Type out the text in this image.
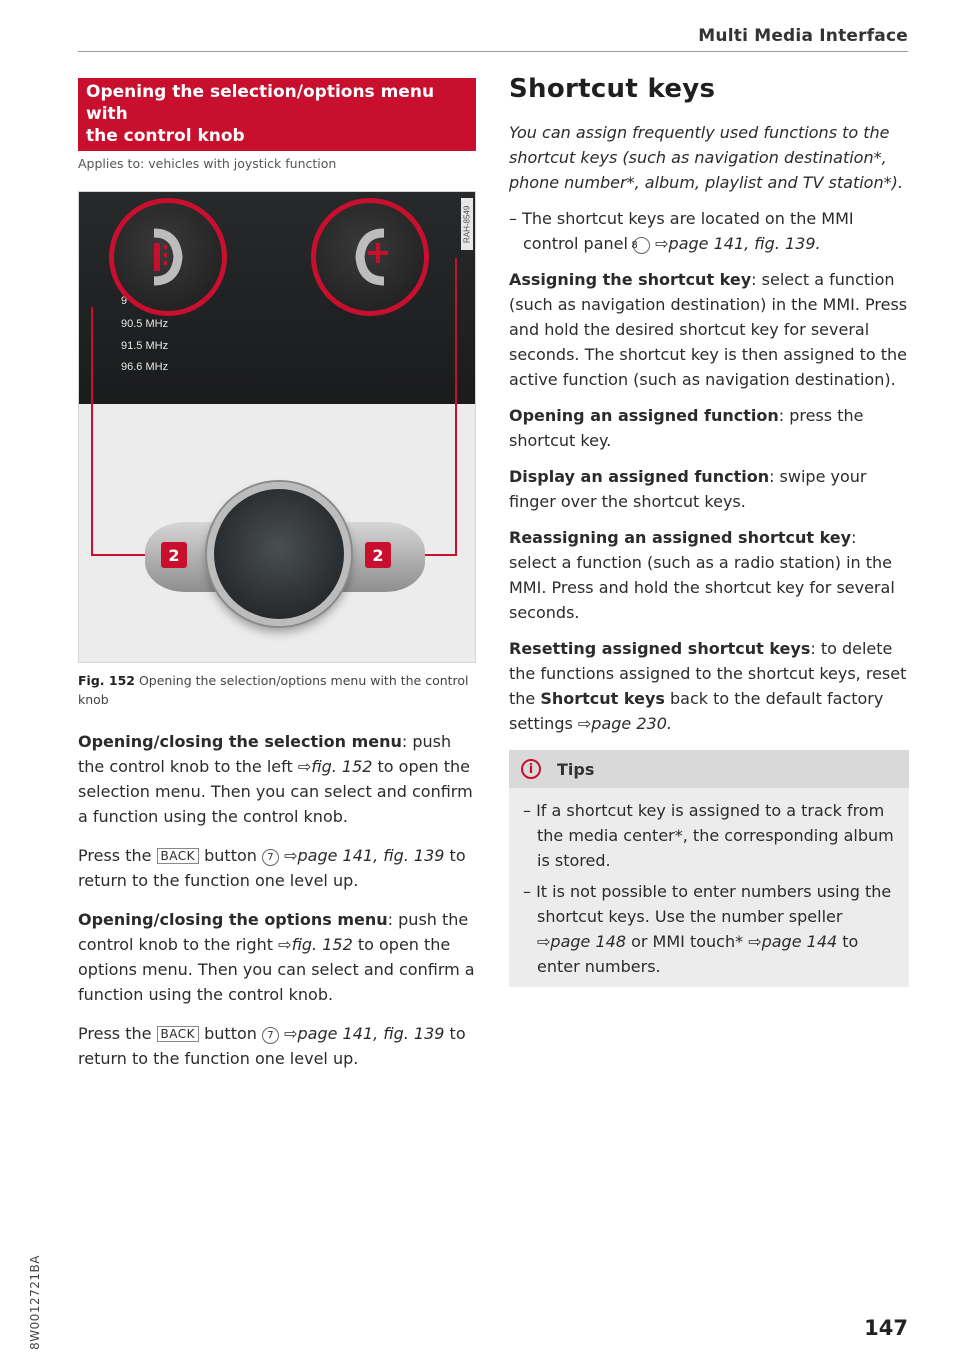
Multi Media Interface
Opening the selection/options menu with
the control knob
Applies to: vehicles with joystick function
9
90.5 MHz
91.5 MHz
96.6 MHz
RAH-8549
2	2
Fig. 152 Opening the selection/options menu with the control knob

Opening/closing the selection menu: push the control knob to the left ⇨fig. 152 to open the selection menu. Then you can select and confirm a function using the control knob.

Press the BACK button 7 ⇨page 141, fig. 139 to return to the function one level up.

Opening/closing the options menu: push the control knob to the right ⇨fig. 152 to open the options menu. Then you can select and confirm a function using the control knob.

Press the BACK button 7 ⇨page 141, fig. 139 to return to the function one level up.

Shortcut keys
You can assign frequently used functions to the shortcut keys (such as navigation destination*, phone number*, album, playlist and TV station*).

– The shortcut keys are located on the MMI control panel 8 ⇨page 141, fig. 139.

Assigning the shortcut key: select a function (such as navigation destination) in the MMI. Press and hold the desired shortcut key for several seconds. The shortcut key is then assigned to the active function (such as navigation destination).

Opening an assigned function: press the shortcut key.

Display an assigned function: swipe your finger over the shortcut keys.

Reassigning an assigned shortcut key: select a function (such as a radio station) in the MMI. Press and hold the shortcut key for several seconds.

Resetting assigned shortcut keys: to delete the functions assigned to the shortcut keys, reset the Shortcut keys back to the default factory settings ⇨page 230.

i	Tips

– If a shortcut key is assigned to a track from the media center*, the corresponding album is stored.

– It is not possible to enter numbers using the shortcut keys. Use the number speller ⇨page 148 or MMI touch* ⇨page 144 to enter numbers.

8W0012721BA	147
